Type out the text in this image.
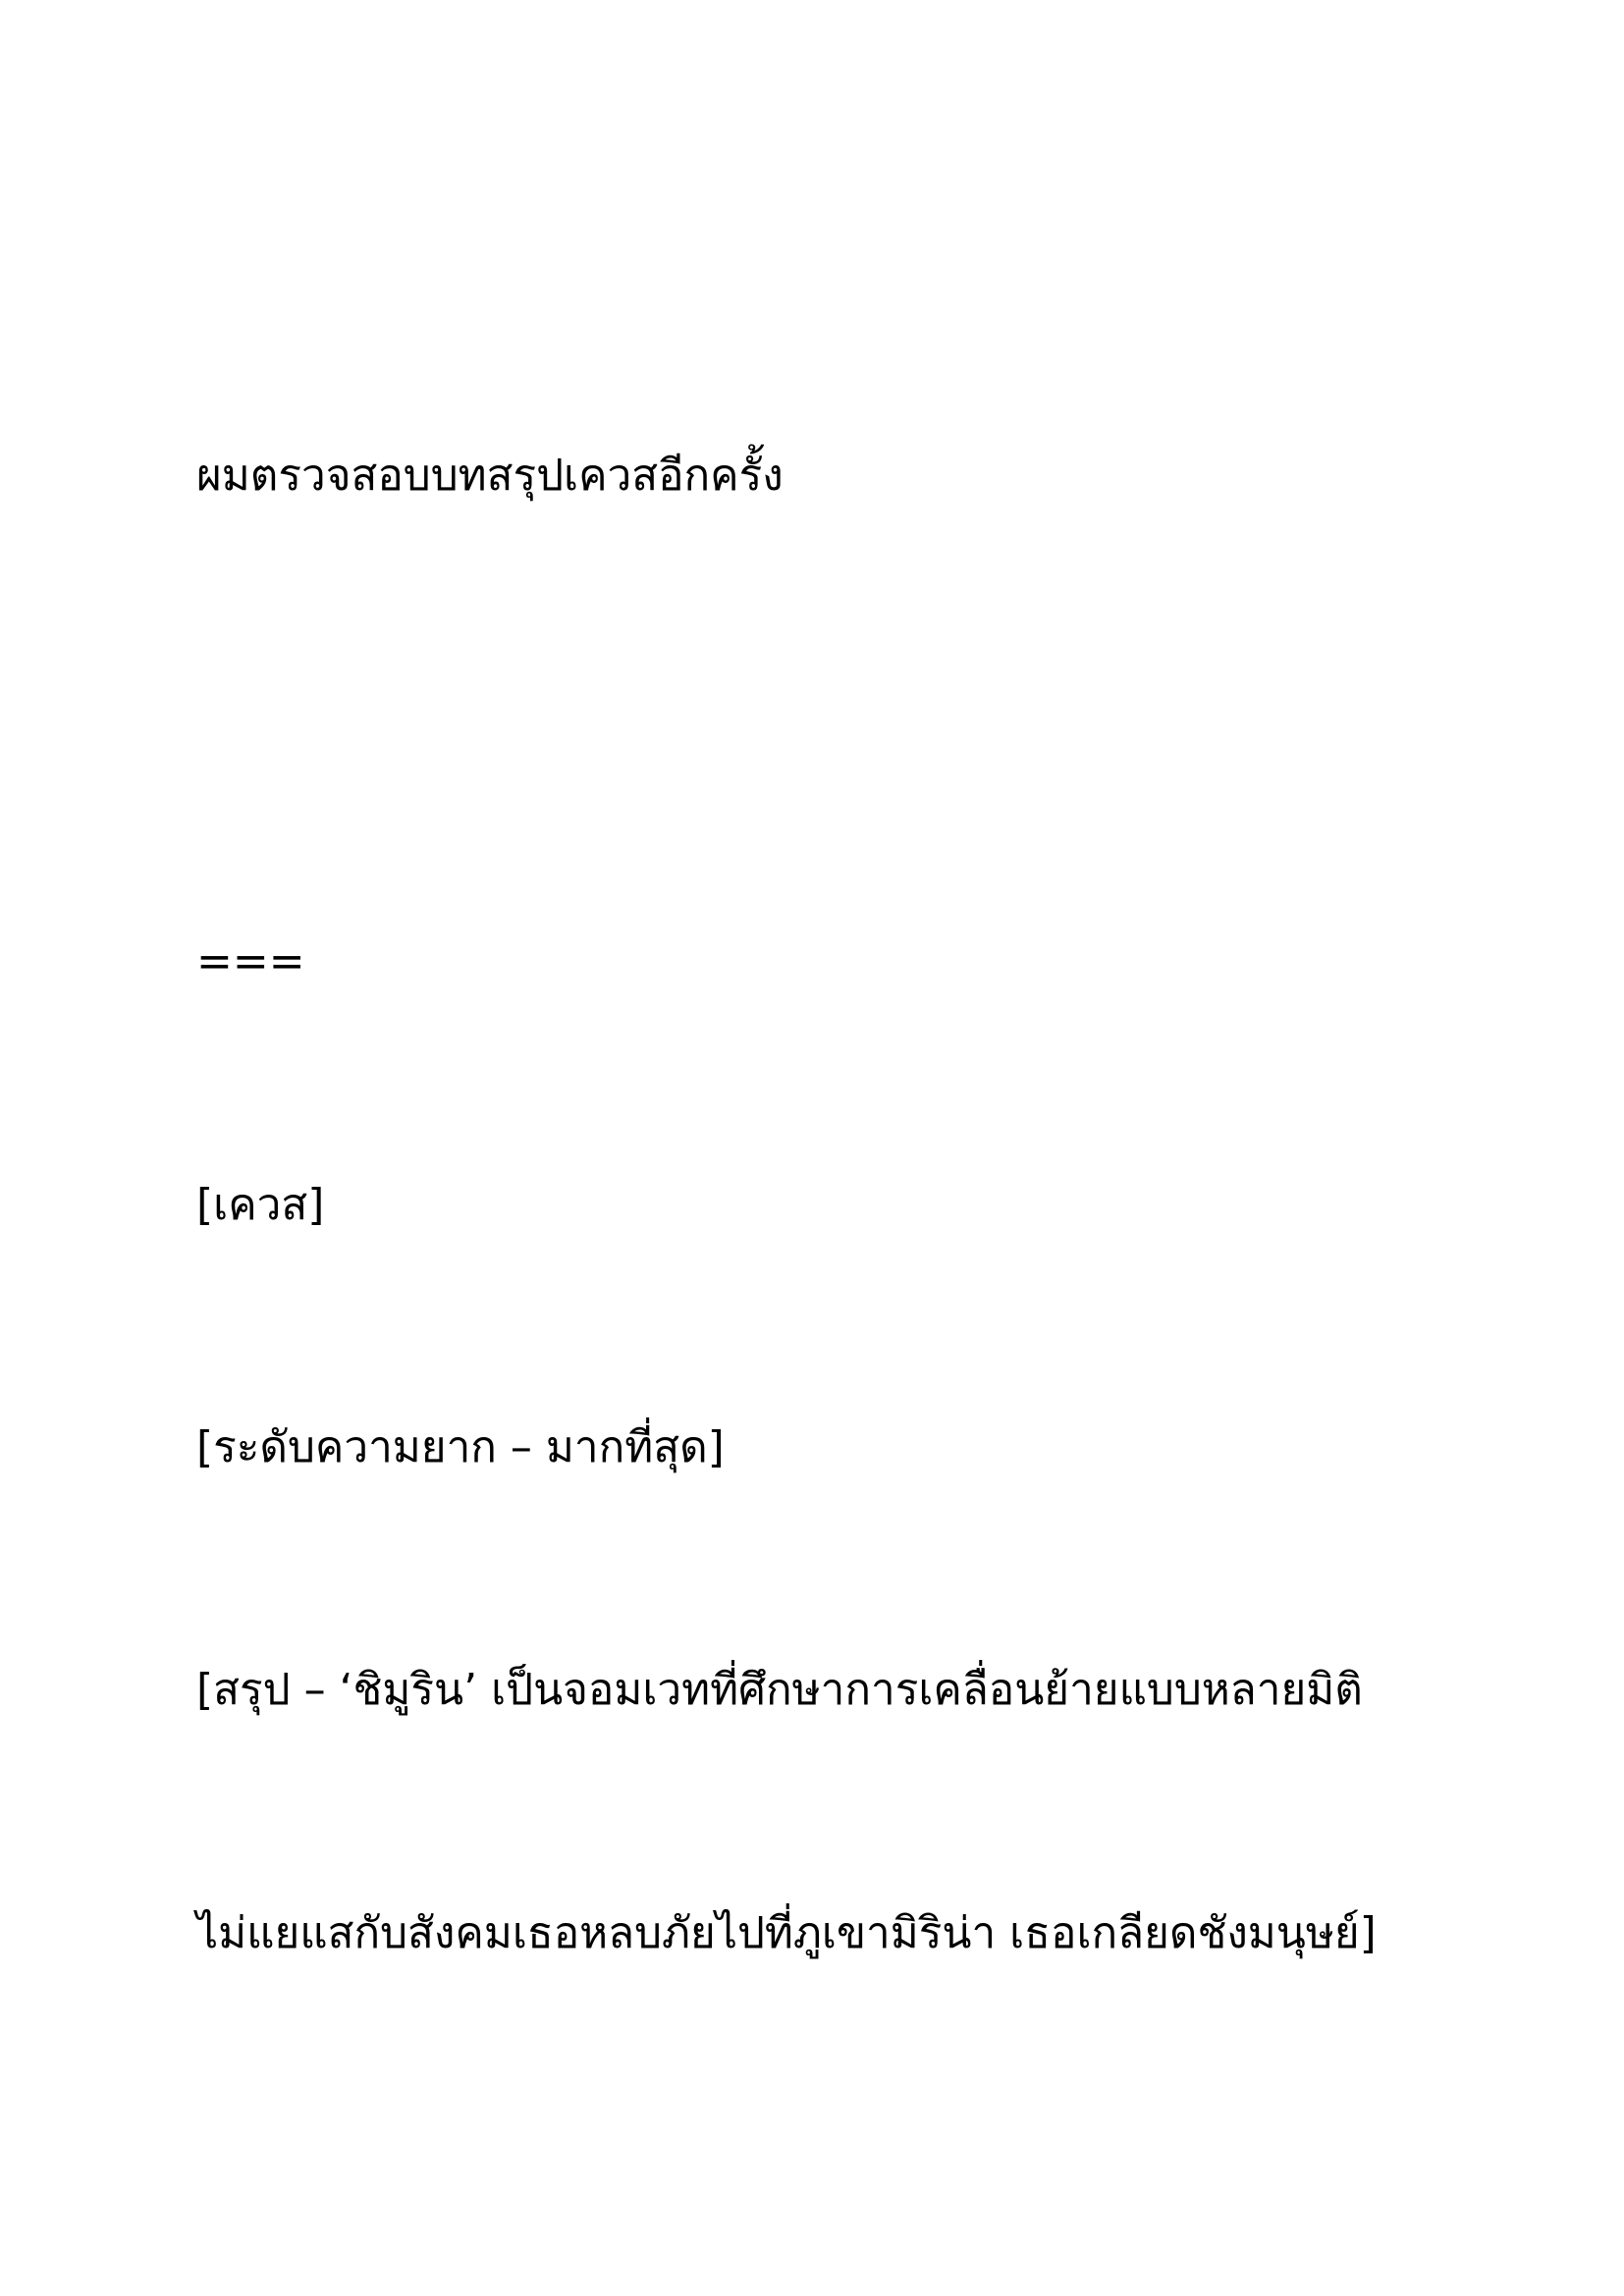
ผมตรวจสอบบทสรุปเควสอีกครั้ง
===
[เควส]
[ระดับความยาก – มากที่สุด]
[สรุป – ‘ชิมูริน’ เป็นจอมเวทที่ศึกษาการเคลื่อนย้ายแบบหลายมิติ
ไม่แยแสกับสังคมเธอหลบภัยไปที่ภูเขามิริน่า เธอเกลียดชังมนุษย์]
